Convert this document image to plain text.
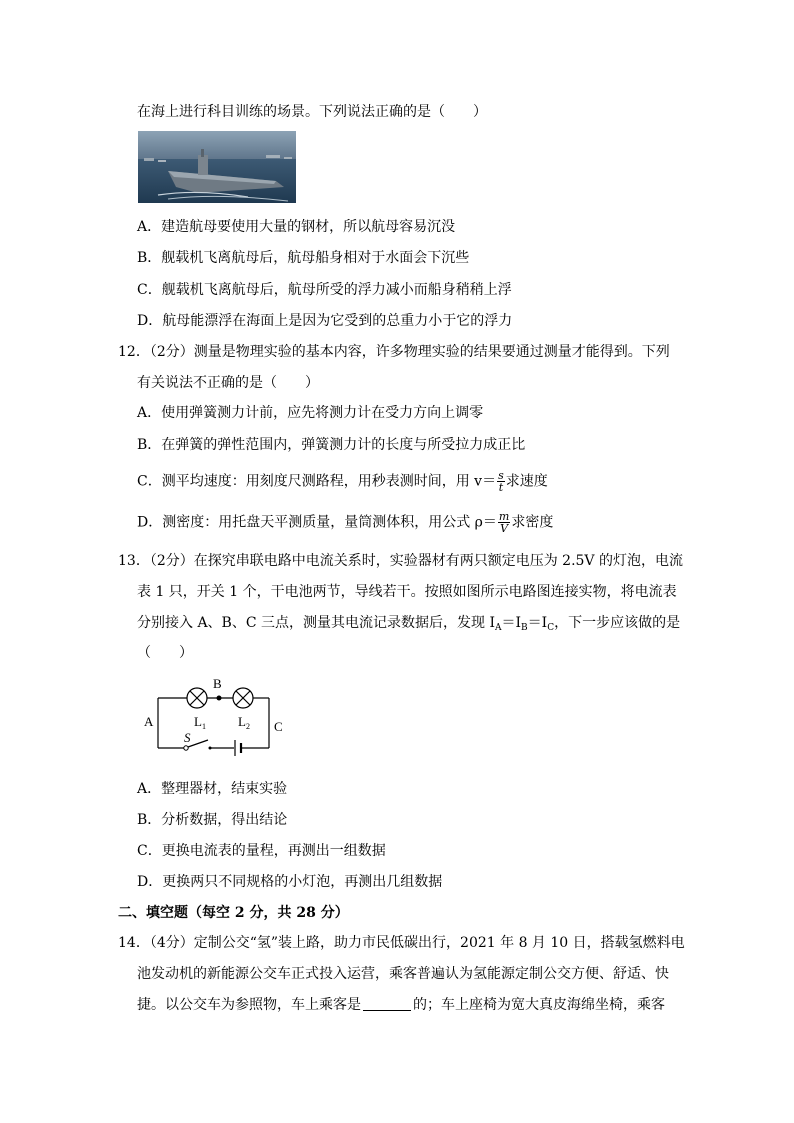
在海上进行科目训练的场景。下列说法正确的是（　　）
A．建造航母要使用大量的钢材，所以航母容易沉没
B．舰载机飞离航母后，航母船身相对于水面会下沉些
C．舰载机飞离航母后，航母所受的浮力减小而船身稍稍上浮
D．航母能漂浮在海面上是因为它受到的总重力小于它的浮力
12．（2分）测量是物理实验的基本内容，许多物理实验的结果要通过测量才能得到。下列
有关说法不正确的是（　　）
A．使用弹簧测力计前，应先将测力计在受力方向上调零
B．在弹簧的弹性范围内，弹簧测力计的长度与所受拉力成正比
C．测平均速度：用刻度尺测路程，用秒表测时间，用 $v= \frac{s}{t}$ 求速度
D．测密度：用托盘天平测质量，量筒测体积，用公式 $\rho= \frac{m}{V}$ 求密度
13．（2分）在探究串联电路中电流关系时，实验器材有两只额定电压为 2.5V 的灯泡，电流
表 1 只，开关 1 个，干电池两节，导线若干。按照如图所示电路图连接实物，将电流表
分别接入 A、B、C 三点，测量其电流记录数据后，发现 $I_A=I_B=I_C$，下一步应该做的是
（　　）
A
B
C
$L_1$ $L_2$
S
A．整理器材，结束实验
B．分析数据，得出结论
C．更换电流表的量程，再测出一组数据
D．更换两只不同规格的小灯泡，再测出几组数据
二、填空题（每空 2 分，共 28 分）
14．（4分）定制公交“氢”装上路，助力市民低碳出行，2021 年 8 月 10 日，搭载氢燃料电
池发动机的新能源公交车正式投入运营，乘客普遍认为氢能源定制公交方便、舒适、快
捷。以公交车为参照物，车上乘客是	的；车上座椅为宽大真皮海绵坐椅，乘客
